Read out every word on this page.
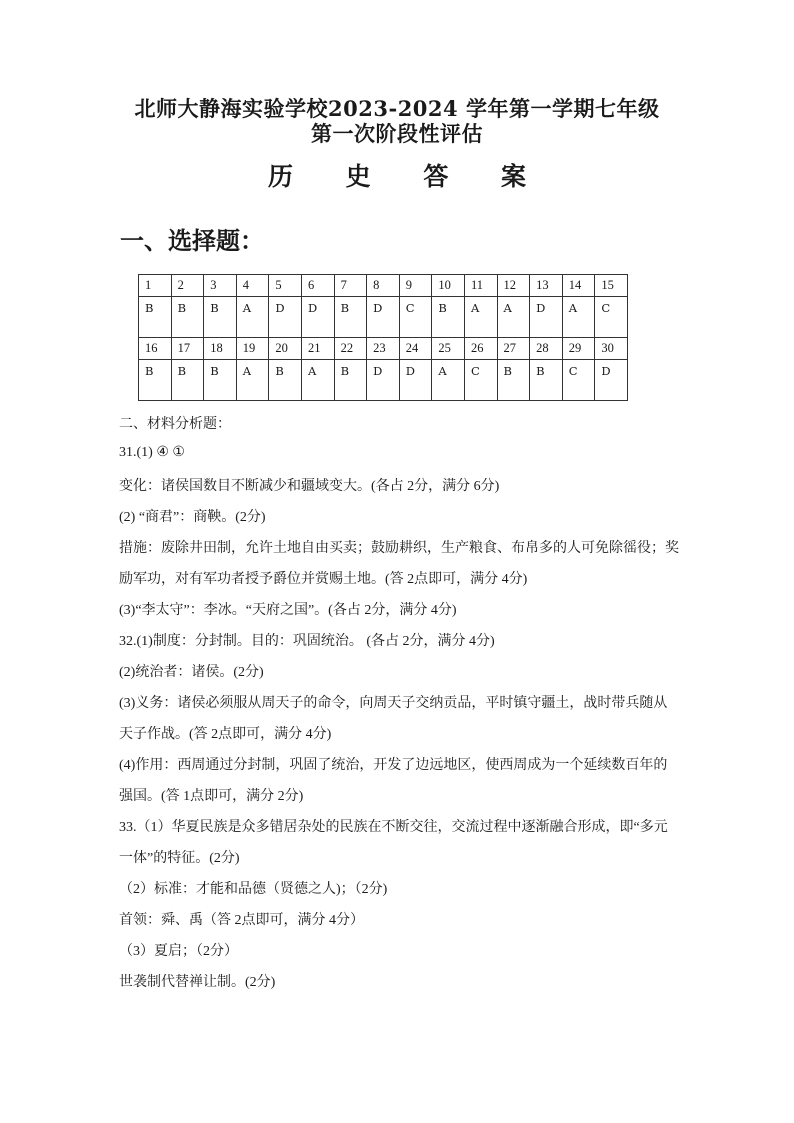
北师大静海实验学校2023-2024 学年第一学期七年级
第一次阶段性评估
历 史 答 案
一、选择题：
1	2	3	4	5	6	7	8	9	10	11	12	13	14	15
B	B	B	A	D	D	B	D	C	B	A	A	D	A	C
16	17	18	19	20	21	22	23	24	25	26	27	28	29	30
B	B	B	A	B	A	B	D	D	A	C	B	B	C	D
二、材料分析题：
31.(1) ④ ①
变化：诸侯国数目不断减少和疆域变大。(各占 2分，满分 6分)
(2) “商君”：商鞅。(2分)
措施：废除井田制，允许土地自由买卖；鼓励耕织，生产粮食、布帛多的人可免除徭役；奖
励军功，对有军功者授予爵位并赏赐土地。(答 2点即可，满分 4分)
(3)“李太守”：李冰。“天府之国”。(各占 2分，满分 4分)
32.(1)制度：分封制。目的：巩固统治。 (各占 2分，满分 4分)
(2)统治者：诸侯。(2分)
(3)义务：诸侯必须服从周天子的命令，向周天子交纳贡品，平时镇守疆土，战时带兵随从
天子作战。(答 2点即可，满分 4分)
(4)作用：西周通过分封制，巩固了统治，开发了边远地区，使西周成为一个延续数百年的
强国。(答 1点即可，满分 2分)
33.（1）华夏民族是众多错居杂处的民族在不断交往，交流过程中逐渐融合形成，即“多元
一体”的特征。(2分)
（2）标准：才能和品德（贤德之人)；（2分)
首领：舜、禹（答 2点即可，满分 4分）
（3）夏启；（2分）
世袭制代替禅让制。(2分)
